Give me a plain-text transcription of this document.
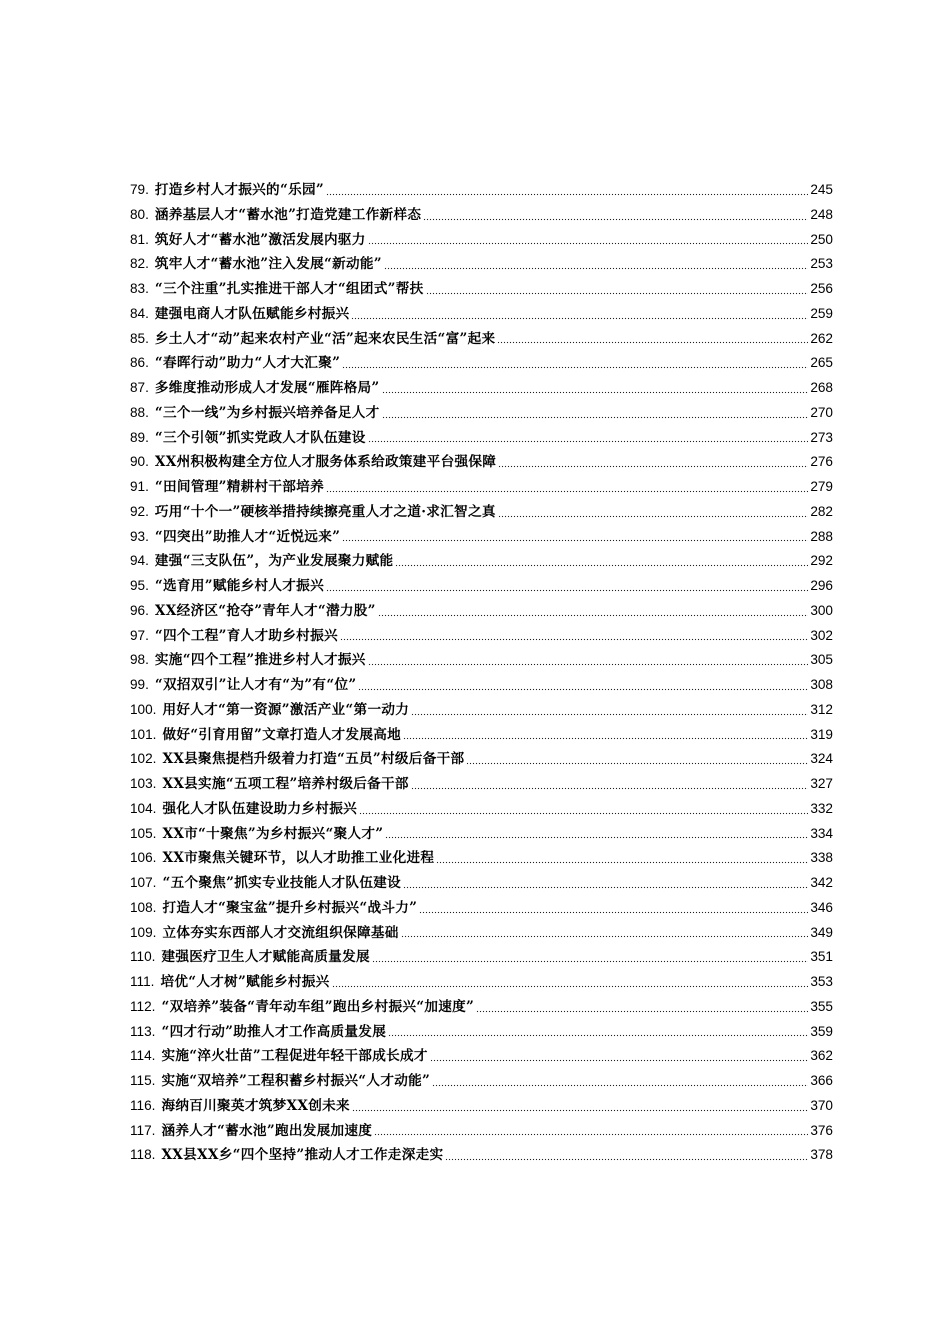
79. 打造乡村人才振兴的“乐园”	245
80. 涵养基层人才“蓄水池”打造党建工作新样态	248
81. 筑好人才“蓄水池”激活发展内驱力	250
82. 筑牢人才“蓄水池”注入发展“新动能”	253
83. “三个注重”扎实推进干部人才“组团式”帮扶	256
84. 建强电商人才队伍赋能乡村振兴	259
85. 乡土人才“动”起来农村产业“活”起来农民生活“富”起来	262
86. “春晖行动”助力“人才大汇聚”	265
87. 多维度推动形成人才发展“雁阵格局”	268
88. “三个一线”为乡村振兴培养备足人才	270
89. “三个引领”抓实党政人才队伍建设	273
90. XX州积极构建全方位人才服务体系给政策建平台强保障	276
91. “田间管理”精耕村干部培养	279
92. 巧用“十个一”硬核举措持续擦亮重人才之道·求汇智之真	282
93. “四突出”助推人才“近悦远来”	288
94. 建强“三支队伍”，为产业发展聚力赋能	292
95. “选育用”赋能乡村人才振兴	296
96. XX经济区“抢夺”青年人才“潜力股”	300
97. “四个工程”育人才助乡村振兴	302
98. 实施“四个工程”推进乡村人才振兴	305
99. “双招双引”让人才有“为”有“位”	308
100. 用好人才“第一资源”激活产业“第一动力	312
101. 做好“引育用留”文章打造人才发展高地	319
102. XX县聚焦提档升级着力打造“五员”村级后备干部	324
103. XX县实施“五项工程”培养村级后备干部	327
104. 强化人才队伍建设助力乡村振兴	332
105. XX市“十聚焦”为乡村振兴“聚人才”	334
106. XX市聚焦关键环节，以人才助推工业化进程	338
107. “五个聚焦”抓实专业技能人才队伍建设	342
108. 打造人才“聚宝盆”提升乡村振兴“战斗力”	346
109. 立体夯实东西部人才交流组织保障基础	349
110. 建强医疗卫生人才赋能高质量发展	351
111. 培优“人才树”赋能乡村振兴	353
112. “双培养”装备“青年动车组”跑出乡村振兴“加速度”	355
113. “四才行动”助推人才工作高质量发展	359
114. 实施“淬火壮苗”工程促进年轻干部成长成才	362
115. 实施“双培养”工程积蓄乡村振兴“人才动能”	366
116. 海纳百川聚英才筑梦XX创未来	370
117. 涵养人才“蓄水池”跑出发展加速度	376
118. XX县XX乡“四个坚持”推动人才工作走深走实	378
